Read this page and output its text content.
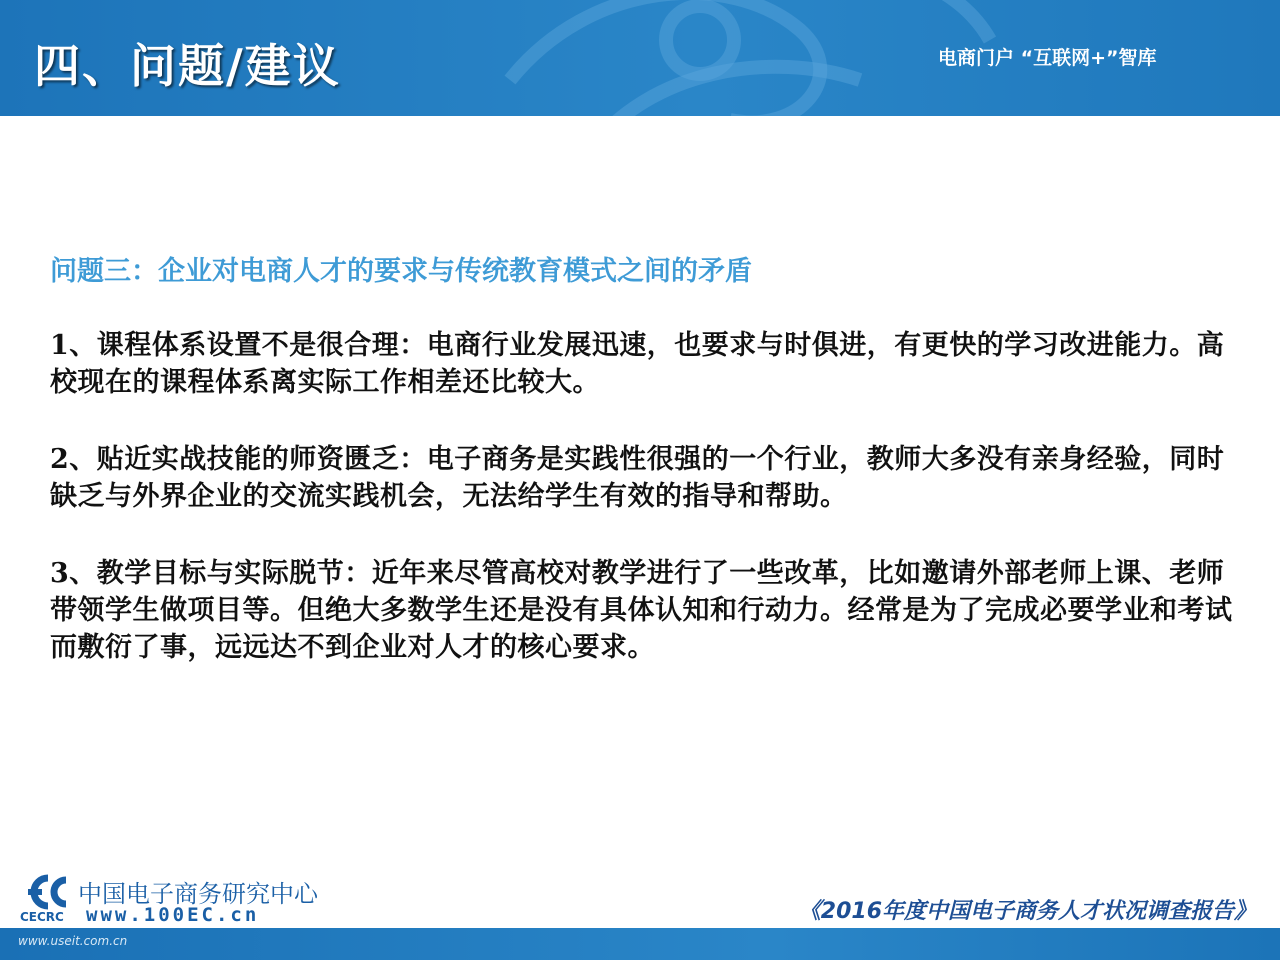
四、问题/建议	电商门户 “互联网+”智库
问题三：企业对电商人才的要求与传统教育模式之间的矛盾
1、课程体系设置不是很合理：电商行业发展迅速，也要求与时俱进，有更快的学习改进能力。高校现在的课程体系离实际工作相差还比较大。
2、贴近实战技能的师资匮乏：电子商务是实践性很强的一个行业，教师大多没有亲身经验，同时缺乏与外界企业的交流实践机会，无法给学生有效的指导和帮助。
3、教学目标与实际脱节：近年来尽管高校对教学进行了一些改革，比如邀请外部老师上课、老师带领学生做项目等。但绝大多数学生还是没有具体认知和行动力。经常是为了完成必要学业和考试而敷衍了事，远远达不到企业对人才的核心要求。
CECRC
中国电子商务研究中心
www.100EC.cn	《2016年度中国电子商务人才状况调查报告》
www.useit.com.cn
